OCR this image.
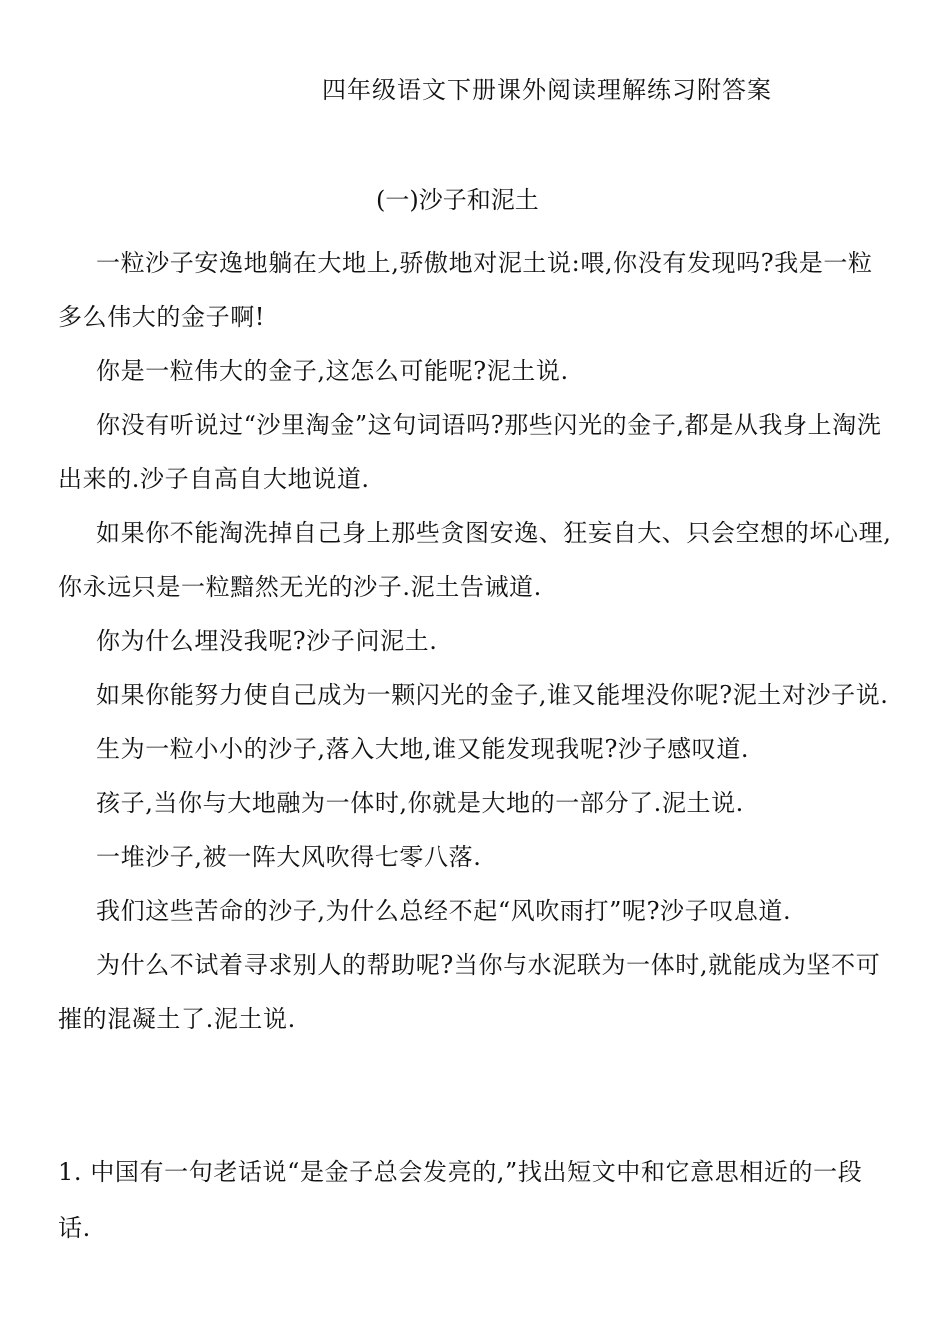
四年级语文下册课外阅读理解练习附答案
(一)沙子和泥土

一粒沙子安逸地躺在大地上,骄傲地对泥土说:喂,你没有发现吗?我是一粒多么伟大的金子啊!

你是一粒伟大的金子,这怎么可能呢?泥土说.

你没有听说过“沙里淘金”这句词语吗?那些闪光的金子,都是从我身上淘洗出来的.沙子自高自大地说道.

如果你不能淘洗掉自己身上那些贪图安逸、狂妄自大、只会空想的坏心理,你永远只是一粒黯然无光的沙子.泥土告诫道.

你为什么埋没我呢?沙子问泥土.

如果你能努力使自己成为一颗闪光的金子,谁又能埋没你呢?泥土对沙子说.

生为一粒小小的沙子,落入大地,谁又能发现我呢?沙子感叹道.

孩子,当你与大地融为一体时,你就是大地的一部分了.泥土说.

一堆沙子,被一阵大风吹得七零八落.

我们这些苦命的沙子,为什么总经不起“风吹雨打”呢?沙子叹息道.

为什么不试着寻求别人的帮助呢?当你与水泥联为一体时,就能成为坚不可摧的混凝土了.泥土说.

1. 中国有一句老话说“是金子总会发亮的,”找出短文中和它意思相近的一段话.
